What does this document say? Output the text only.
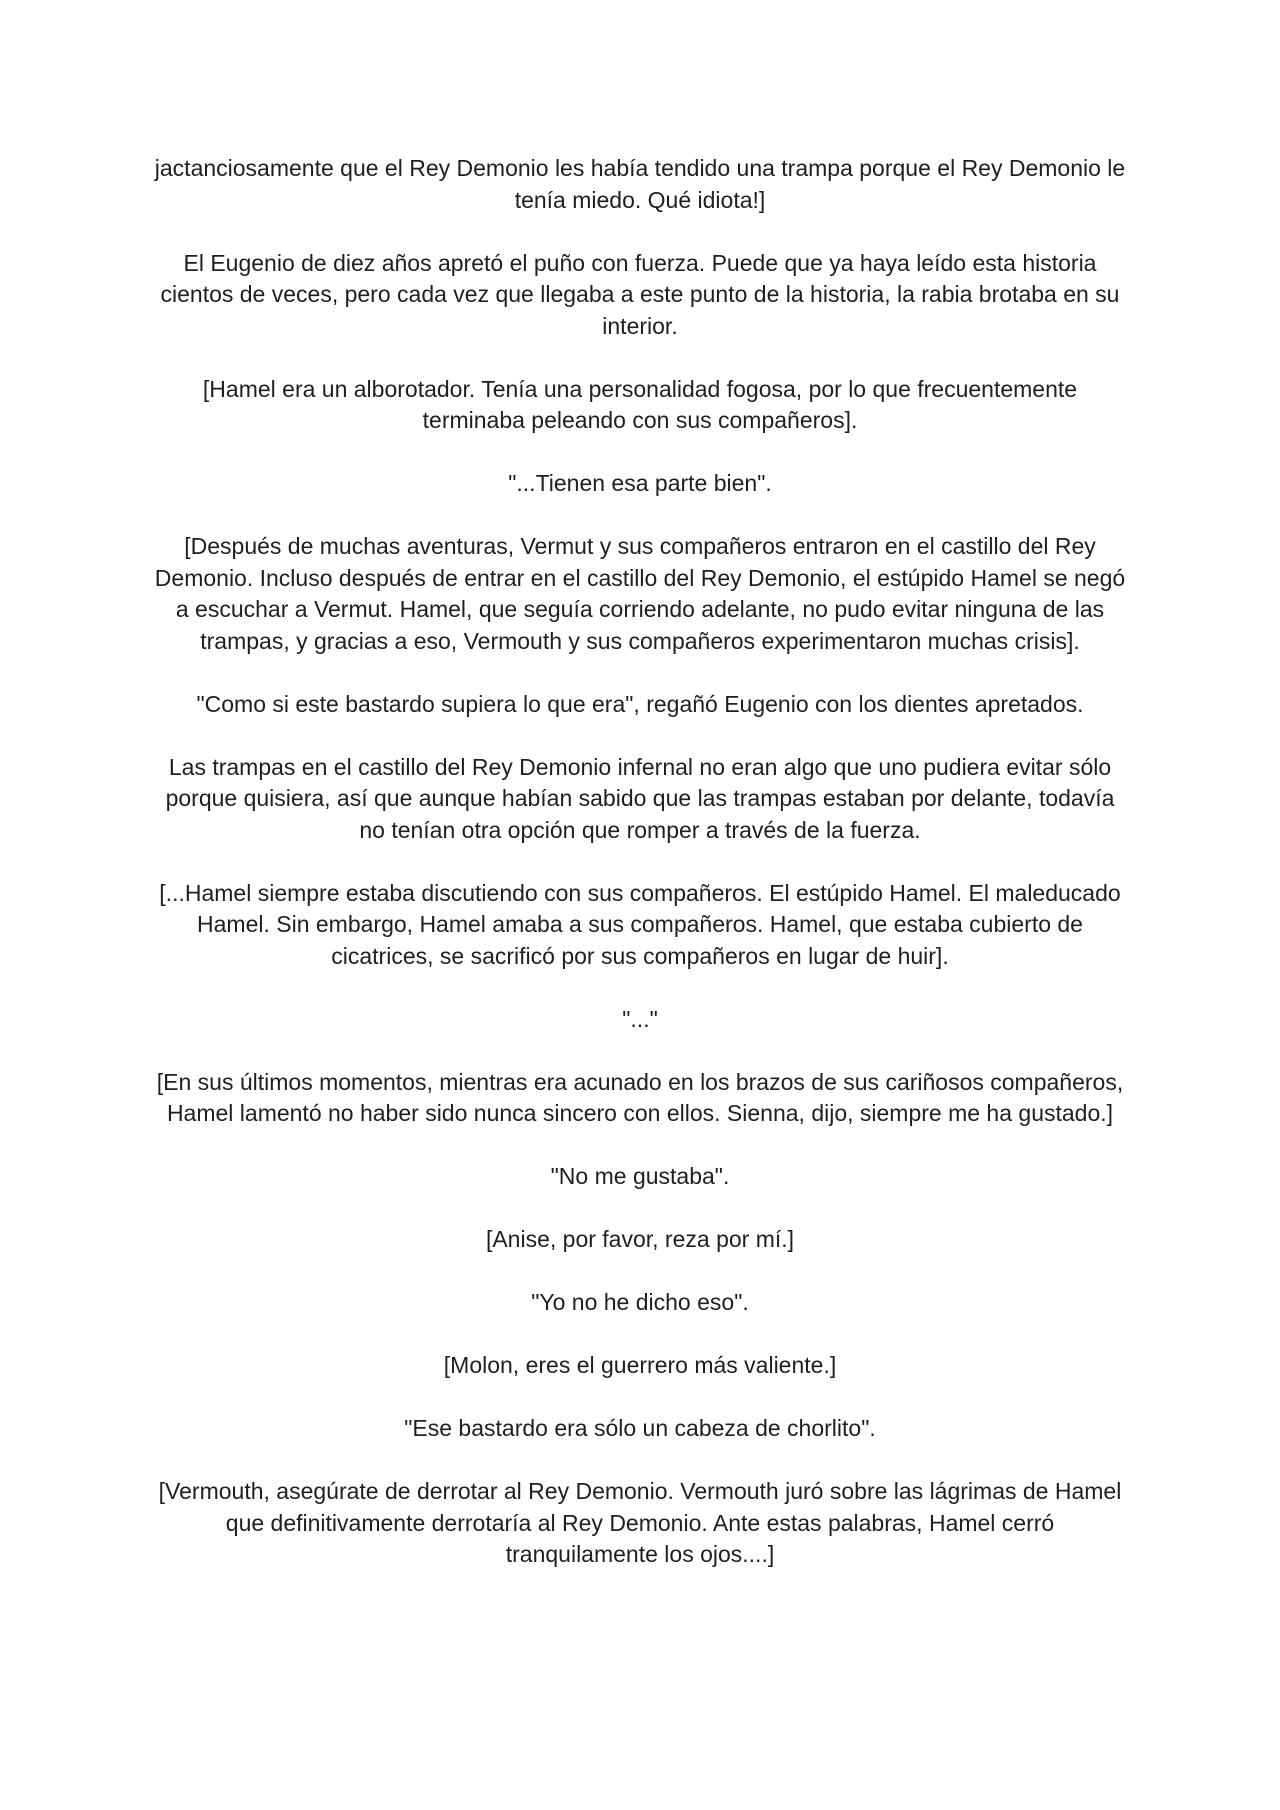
jactanciosamente que el Rey Demonio les había tendido una trampa porque el Rey Demonio le tenía miedo. Qué idiota!]

El Eugenio de diez años apretó el puño con fuerza. Puede que ya haya leído esta historia cientos de veces, pero cada vez que llegaba a este punto de la historia, la rabia brotaba en su interior.

[Hamel era un alborotador. Tenía una personalidad fogosa, por lo que frecuentemente terminaba peleando con sus compañeros].

"...Tienen esa parte bien".

[Después de muchas aventuras, Vermut y sus compañeros entraron en el castillo del Rey Demonio. Incluso después de entrar en el castillo del Rey Demonio, el estúpido Hamel se negó a escuchar a Vermut. Hamel, que seguía corriendo adelante, no pudo evitar ninguna de las trampas, y gracias a eso, Vermouth y sus compañeros experimentaron muchas crisis].

"Como si este bastardo supiera lo que era", regañó Eugenio con los dientes apretados.

Las trampas en el castillo del Rey Demonio infernal no eran algo que uno pudiera evitar sólo porque quisiera, así que aunque habían sabido que las trampas estaban por delante, todavía no tenían otra opción que romper a través de la fuerza.

[...Hamel siempre estaba discutiendo con sus compañeros. El estúpido Hamel. El maleducado Hamel. Sin embargo, Hamel amaba a sus compañeros. Hamel, que estaba cubierto de cicatrices, se sacrificó por sus compañeros en lugar de huir].

"..."

[En sus últimos momentos, mientras era acunado en los brazos de sus cariñosos compañeros, Hamel lamentó no haber sido nunca sincero con ellos. Sienna, dijo, siempre me ha gustado.]

"No me gustaba".

[Anise, por favor, reza por mí.]

"Yo no he dicho eso".

[Molon, eres el guerrero más valiente.]

"Ese bastardo era sólo un cabeza de chorlito".

[Vermouth, asegúrate de derrotar al Rey Demonio. Vermouth juró sobre las lágrimas de Hamel que definitivamente derrotaría al Rey Demonio. Ante estas palabras, Hamel cerró tranquilamente los ojos....]
